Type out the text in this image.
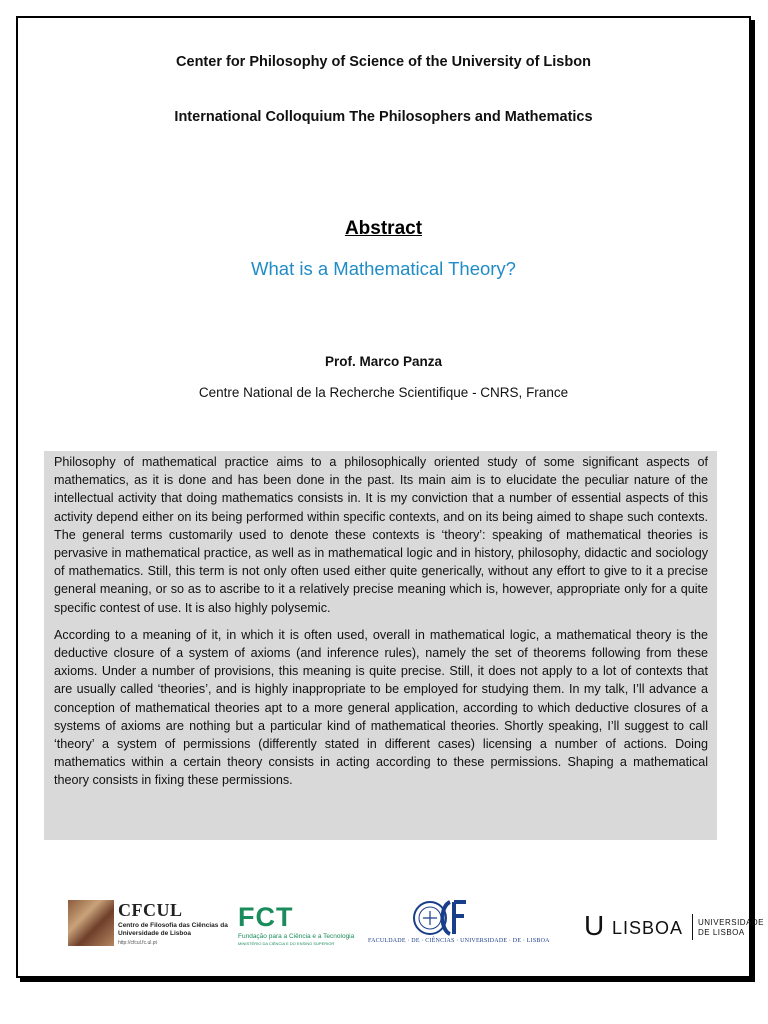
Center for Philosophy of Science of the University of Lisbon
International Colloquium The Philosophers and Mathematics
Abstract
What is a Mathematical Theory?
Prof. Marco Panza
Centre National de la Recherche Scientifique - CNRS, France

Philosophy of mathematical practice aims to a philosophically oriented study of some significant aspects of mathematics, as it is done and has been done in the past. Its main aim is to elucidate the peculiar nature of the intellectual activity that doing mathematics consists in. It is my conviction that a number of essential aspects of this activity depend either on its being performed within specific contexts, and on its being aimed to shape such contexts. The general terms customarily used to denote these contexts is ‘theory’: speaking of mathematical theories is pervasive in mathematical practice, as well as in mathematical logic and in history, philosophy, didactic and sociology of mathematics. Still, this term is not only often used either quite generically, without any effort to give to it a precise general meaning, or so as to ascribe to it a relatively precise meaning which is, however, appropriate only for a quite specific contest of use. It is also highly polysemic.

According to a meaning of it, in which it is often used, overall in mathematical logic, a mathematical theory is the deductive closure of a system of axioms (and inference rules), namely the set of theorems following from these axioms. Under a number of provisions, this meaning is quite precise. Still, it does not apply to a lot of contexts that are usually called ‘theories’, and is highly inappropriate to be employed for studying them. In my talk, I’ll advance a conception of mathematical theories apt to a more general application, according to which deductive closures of a systems of axioms are nothing but a particular kind of mathematical theories. Shortly speaking, I’ll suggest to call ‘theory’ a system of permissions (differently stated in different cases) licensing a number of actions. Doing mathematics within a certain theory consists in acting according to these permissions. Shaping a mathematical theory consists in fixing these permissions.

CFCUL
Centro de Filosofia das Ciências da Universidade de Lisboa
http://cfcul.fc.ul.pt
FCT
Fundação para a Ciência e a Tecnologia
MINISTÉRIO DA CIÊNCIA E DO ENSINO SUPERIOR	FACULDADE · DE · CIÊNCIAS · UNIVERSIDADE · DE · LISBOA U LISBOA UNIVERSIDADE
DE LISBOA
